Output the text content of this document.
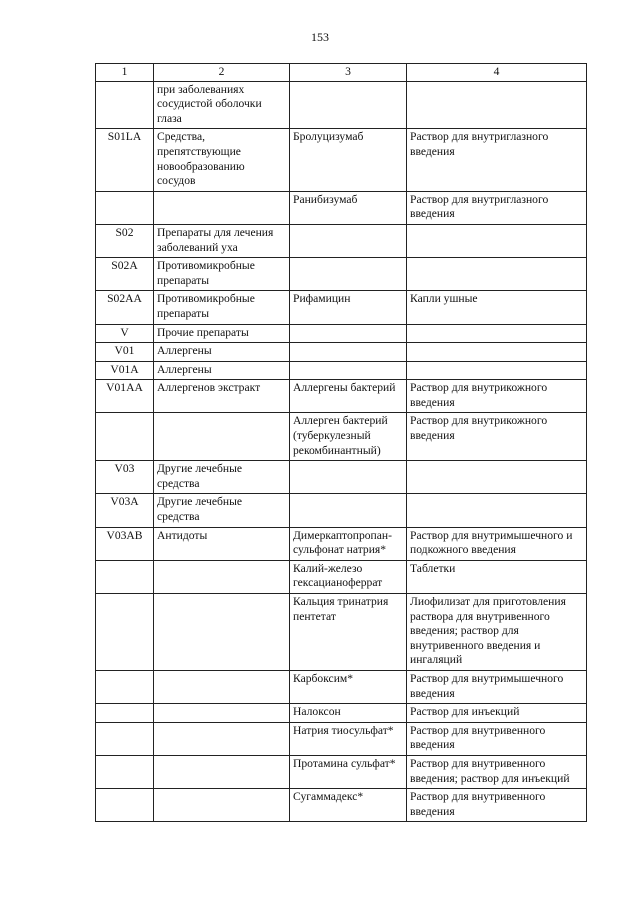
153
1	2	3	4
	при заболеваниях сосудистой оболочки глаза		
S01LA	Средства, препятствующие новообразованию сосудов	Бролуцизумаб	Раствор для внутриглазного введения
		Ранибизумаб	Раствор для внутриглазного введения
S02	Препараты для лечения заболеваний уха		
S02A	Противомикробные препараты		
S02AA	Противомикробные препараты	Рифамицин	Капли ушные
V	Прочие препараты		
V01	Аллергены		
V01A	Аллергены		
V01AA	Аллергенов экстракт	Аллергены бактерий	Раствор для внутрикожного введения
		Аллерген бактерий (туберкулезный рекомбинантный)	Раствор для внутрикожного введения
V03	Другие лечебные средства		
V03A	Другие лечебные средства		
V03AB	Антидоты	Димеркаптопропан-сульфонат натрия*	Раствор для внутримышечного и подкожного введения
		Калий-железо гексацианоферрат	Таблетки
		Кальция тринатрия пентетат	Лиофилизат для приготовления раствора для внутривенного введения; раствор для внутривенного введения и ингаляций
		Карбоксим*	Раствор для внутримышечного введения
		Налоксон	Раствор для инъекций
		Натрия тиосульфат*	Раствор для внутривенного введения
		Протамина сульфат*	Раствор для внутривенного введения; раствор для инъекций
		Сугаммадекс*	Раствор для внутривенного введения
